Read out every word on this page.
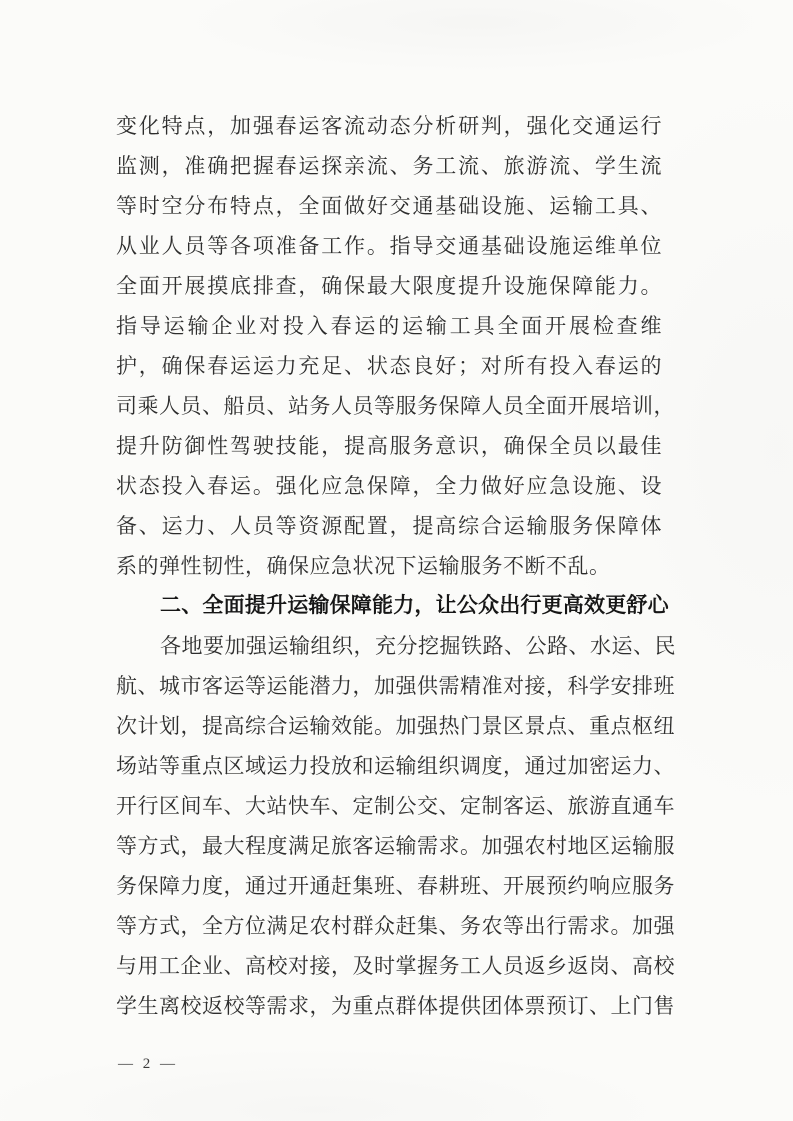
变化特点，加强春运客流动态分析研判，强化交通运行
监测，准确把握春运探亲流、务工流、旅游流、学生流
等时空分布特点，全面做好交通基础设施、运输工具、
从业人员等各项准备工作。指导交通基础设施运维单位
全面开展摸底排查，确保最大限度提升设施保障能力。
指导运输企业对投入春运的运输工具全面开展检查维
护，确保春运运力充足、状态良好；对所有投入春运的
司乘人员、船员、站务人员等服务保障人员全面开展培训，
提升防御性驾驶技能，提高服务意识，确保全员以最佳
状态投入春运。强化应急保障，全力做好应急设施、设
备、运力、人员等资源配置，提高综合运输服务保障体
系的弹性韧性，确保应急状况下运输服务不断不乱。
二、全面提升运输保障能力，让公众出行更高效更舒心
各地要加强运输组织，充分挖掘铁路、公路、水运、民
航、城市客运等运能潜力，加强供需精准对接，科学安排班
次计划，提高综合运输效能。加强热门景区景点、重点枢纽
场站等重点区域运力投放和运输组织调度，通过加密运力、
开行区间车、大站快车、定制公交、定制客运、旅游直通车
等方式，最大程度满足旅客运输需求。加强农村地区运输服
务保障力度，通过开通赶集班、春耕班、开展预约响应服务
等方式，全方位满足农村群众赶集、务农等出行需求。加强
与用工企业、高校对接，及时掌握务工人员返乡返岗、高校
学生离校返校等需求，为重点群体提供团体票预订、上门售
— 2 —
